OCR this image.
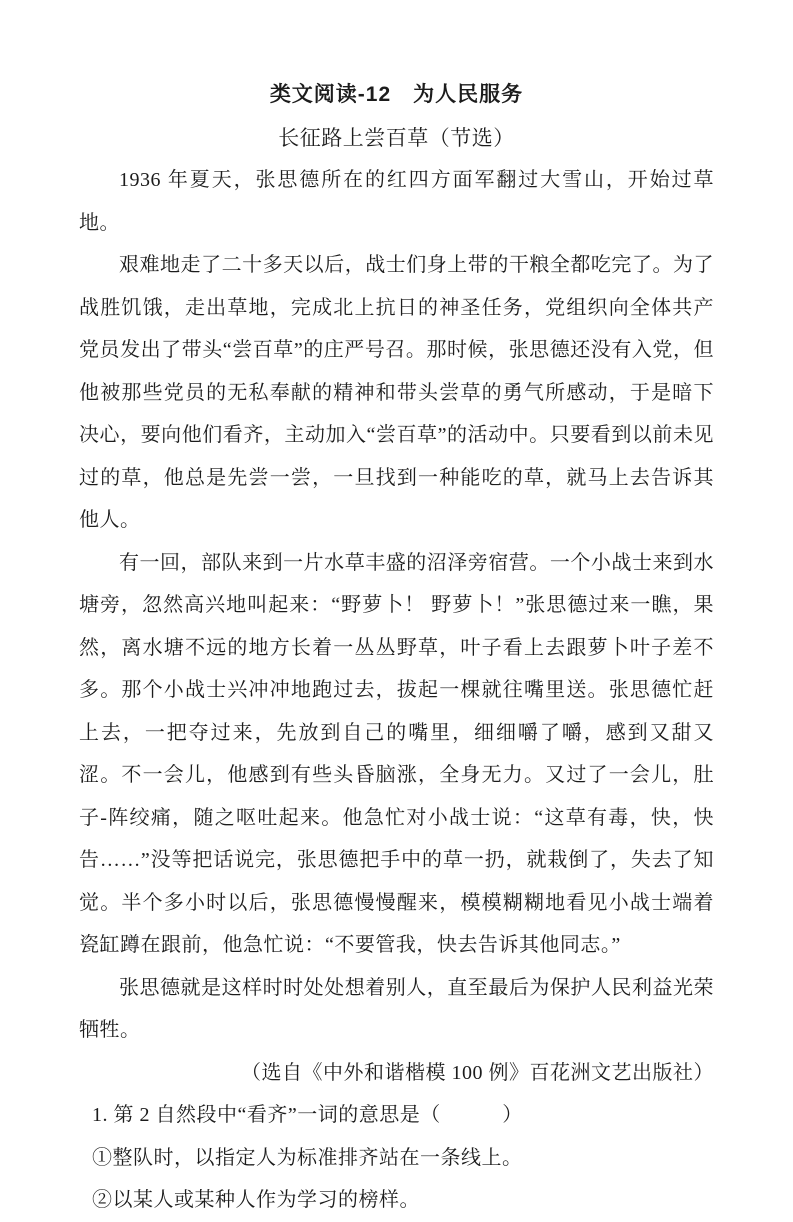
类文阅读-12　为人民服务
长征路上尝百草（节选）

1936 年夏天，张思德所在的红四方面军翻过大雪山，开始过草地。

艰难地走了二十多天以后，战士们身上带的干粮全都吃完了。为了战胜饥饿，走出草地，完成北上抗日的神圣任务，党组织向全体共产党员发出了带头“尝百草”的庄严号召。那时候，张思德还没有入党，但他被那些党员的无私奉献的精神和带头尝草的勇气所感动，于是暗下决心，要向他们看齐，主动加入“尝百草”的活动中。只要看到以前未见过的草，他总是先尝一尝，一旦找到一种能吃的草，就马上去告诉其他人。

有一回，部队来到一片水草丰盛的沼泽旁宿营。一个小战士来到水塘旁，忽然高兴地叫起来：“野萝卜！ 野萝卜！”张思德过来一瞧，果然，离水塘不远的地方长着一丛丛野草，叶子看上去跟萝卜叶子差不多。那个小战士兴冲冲地跑过去，拔起一棵就往嘴里送。张思德忙赶上去，一把夺过来，先放到自己的嘴里，细细嚼了嚼，感到又甜又涩。不一会儿，他感到有些头昏脑涨，全身无力。又过了一会儿，肚子-阵绞痛，随之呕吐起来。他急忙对小战士说：“这草有毒，快，快告……”没等把话说完，张思德把手中的草一扔，就栽倒了，失去了知觉。半个多小时以后，张思德慢慢醒来，模模糊糊地看见小战士端着瓷缸蹲在跟前，他急忙说：“不要管我，快去告诉其他同志。”

张思德就是这样时时处处想着别人，直至最后为保护人民利益光荣牺牲。

（选自《中外和谐楷模 100 例》百花洲文艺出版社）
1. 第 2 自然段中“看齐”一词的意思是（　　　）
①整队时，以指定人为标准排齐站在一条线上。
②以某人或某种人作为学习的榜样。
